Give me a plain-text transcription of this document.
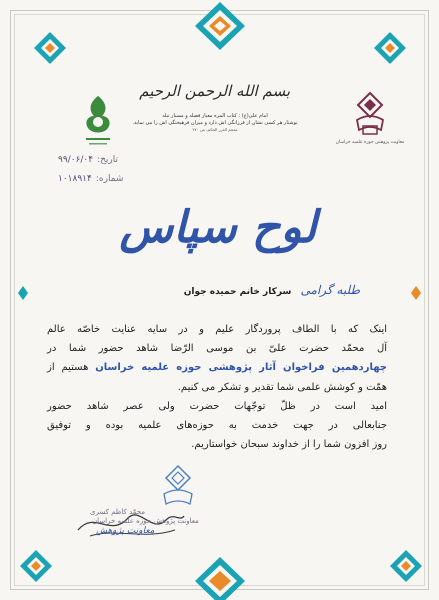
بسم الله الرحمن الرحیم
امام علی(ع) : کتاب المره معیار فضله و مسبار نبله
نوشتار هر کسی نشان از فرزانگی اش دارد و میزان فرهیختگی اش را می نماید.
معجم الغرر الحکم، ص ۴۷۰
معاونت پژوهش حوزه علمیه خراسان
تاریخ:۹۹/۰۶/۰۴
شماره:۱۰۱۸۹۱۴
لوح سپاس
طلبه گرامی سرکار خانم حمیده جوان
اینک که با الطاف پروردگار علیم و در سایه عنایت خاصّه عالم
آل محمّد حضرت علیّ بن موسی الرّضا شاهد حضور شما در
چهاردهمین فراخوان آثار پژوهشی حوزه علمیه خراسان هستیم از
همّت و کوشش علمی شما تقدیر و تشکر می کنیم.
امید است در ظلّ توجّهات حضرت ولی عصر شاهد حضور
جنابعالی در جهت خدمت به حوزه‌های علمیه بوده و توفیق
روز افزون شما را از خداوند سبحان خواستاریم.
محمّد کاظم کسری
معاونت پژوهش حوزه علمیه خراسان
معاونت پژوهش
